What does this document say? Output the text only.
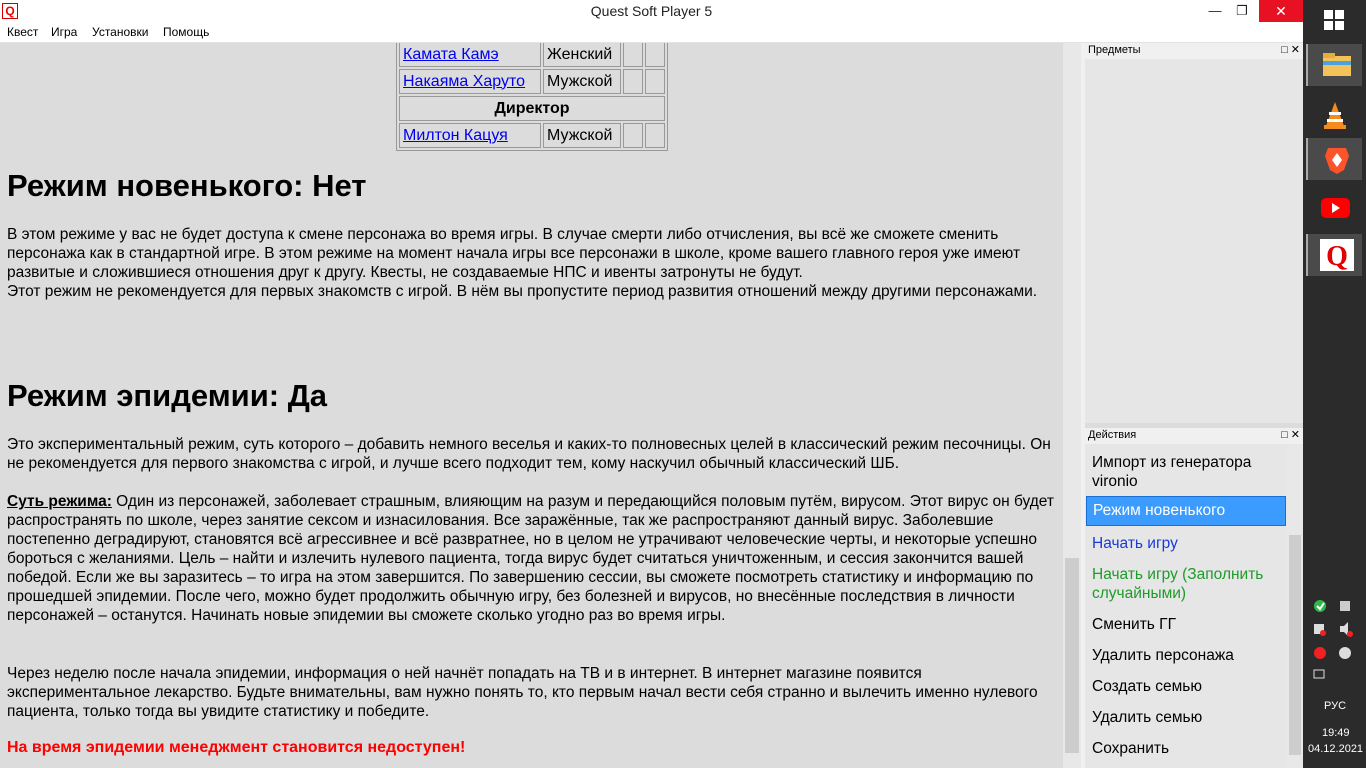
Q	Quest Soft Player 5	—	❐	✕
Квест Игра Установки Помощь
Камата Камэ	Женский		
Накаяма Харуто	Мужской		
Директор			
Милтон Кацуя	Мужской		
Режим новенького: Нет

В этом режиме у вас не будет доступа к смене персонажа во время игры. В случае смерти либо отчисления, вы всё же сможете сменить персонажа как в стандартной игре. В этом режиме на момент начала игры все персонажи в школе, кроме вашего главного героя уже имеют развитые и сложившиеся отношения друг к другу. Квесты, не создаваемые НПС и ивенты затронуты не будут.

Этот режим не рекомендуется для первых знакомств с игрой. В нём вы пропустите период развития отношений между другими персонажами.

Режим эпидемии: Да

Это экспериментальный режим, суть которого – добавить немного веселья и каких-то полновесных целей в классический режим песочницы. Он не рекомендуется для первого знакомства с игрой, и лучше всего подходит тем, кому наскучил обычный классический ШБ.

Суть режима: Один из персонажей, заболевает страшным, влияющим на разум и передающийся половым путём, вирусом. Этот вирус он будет распространять по школе, через занятие сексом и изнасилования. Все заражённые, так же распространяют данный вирус. Заболевшие постепенно деградируют, становятся всё агрессивнее и всё развратнее, но в целом не утрачивают человеческие черты, и некоторые успешно бороться с желаниями. Цель – найти и излечить нулевого пациента, тогда вирус будет считаться уничтоженным, и сессия закончится вашей победой. Если же вы заразитесь – то игра на этом завершится. По завершению сессии, вы сможете посмотреть статистику и информацию по прошедшей эпидемии. После чего, можно будет продолжить обычную игру, без болезней и вирусов, но внесённые последствия в личности персонажей – останутся. Начинать новые эпидемии вы сможете сколько угодно раз во время игры.

Через неделю после начала эпидемии, информация о ней начнёт попадать на ТВ и в интернет. В интернет магазине появится экспериментальное лекарство. Будьте внимательны, вам нужно понять то, кто первым начал вести себя странно и вылечить именно нулевого пациента, только тогда вы увидите статистику и победите.

На время эпидемии менеджмент становится недоступен!
Предметы	□ ✕
Действия	□ ✕
Импорт из генератора vironio
Режим новенького
Начать игру
Начать игру (Заполнить случайными)
Сменить ГГ
Удалить персонажа
Создать семью
Удалить семью
Сохранить
Q
РУС
19:49
04.12.2021
